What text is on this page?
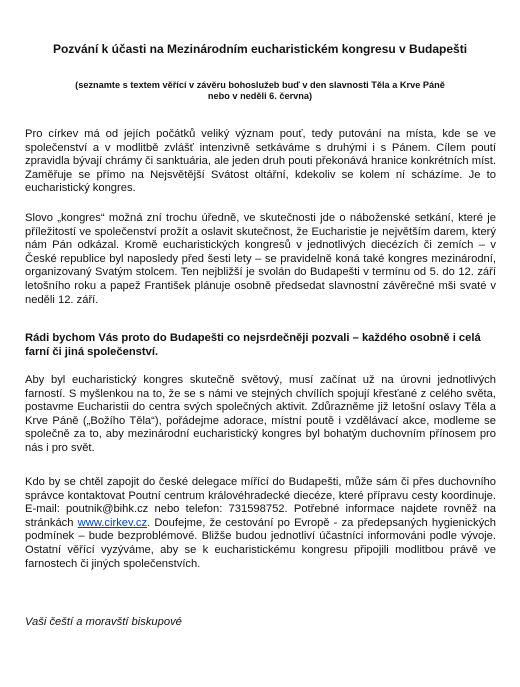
Pozvání k účasti na Mezinárodním eucharistickém kongresu v Budapešti
(seznamte s textem věřící v závěru bohoslužeb buď v den slavnosti Těla a Krve Páně
nebo v neděli 6. června)

Pro církev má od jejích počátků veliký význam pouť, tedy putování na místa, kde se ve společenství a v modlitbě zvlášť intenzivně setkáváme s druhými i s Pánem. Cílem poutí zpravidla bývají chrámy či sanktuária, ale jeden druh pouti překonává hranice konkrétních míst. Zaměřuje se přímo na Nejsvětější Svátost oltářní, kdekoliv se kolem ní scházíme. Je to eucharistický kongres.

Slovo „kongres“ možná zní trochu úředně, ve skutečnosti jde o náboženské setkání, které je příležitostí ve společenství prožít a oslavit skutečnost, že Eucharistie je největším darem, který nám Pán odkázal. Kromě eucharistických kongresů v jednotlivých diecézích či zemích – v České republice byl naposledy před šesti lety – se pravidelně koná také kongres mezinárodní, organizovaný Svatým stolcem. Ten nejbližší je svolán do Budapešti v termínu od 5. do 12. září letošního roku a papež František plánuje osobně předsedat slavnostní závěrečné mši svaté v neděli 12. září.

Rádi bychom Vás proto do Budapešti co nejsrdečněji pozvali – každého osobně i celá farní či jiná společenství.

Aby byl eucharistický kongres skutečně světový, musí začínat už na úrovni jednotlivých farností. S myšlenkou na to, že se s námi ve stejných chvílích spojují křesťané z celého světa, postavme Eucharistii do centra svých společných aktivit. Zdůrazněme již letošní oslavy Těla a Krve Páně („Božího Těla“), pořádejme adorace, místní poutě i vzdělávací akce, modleme se společně za to, aby mezinárodní eucharistický kongres byl bohatým duchovním přínosem pro nás i pro svět.

Kdo by se chtěl zapojit do české delegace mířící do Budapešti, může sám či přes duchovního správce kontaktovat Poutní centrum královéhradecké diecéze, které přípravu cesty koordinuje. E-mail: poutnik@bihk.cz nebo telefon: 731598752. Potřebné informace najdete rovněž na stránkách www.cirkev.cz. Doufejme, že cestování po Evropě - za předepsaných hygienických podmínek – bude bezproblémové. Bližše budou jednotliví účastníci informováni podle vývoje. Ostatní věřící vyzýváme, aby se k eucharistickému kongresu připojili modlitbou právě ve farnostech či jiných společenstvích.

Vaši čeští a moravští biskupové
